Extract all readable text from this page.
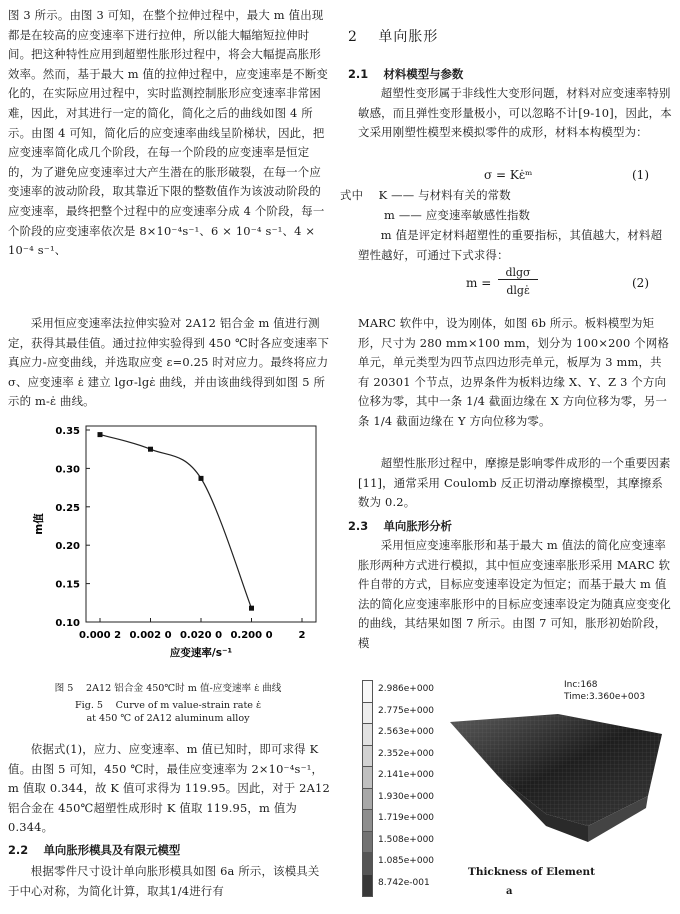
图 3 所示。由图 3 可知，在整个拉伸过程中，最大 m 值出现都是在较高的应变速率下进行拉伸，所以能大幅缩短拉伸时间。把这种特性应用到超塑性胀形过程中，将会大幅提高胀形效率。然而，基于最大 m 值的拉伸过程中，应变速率是不断变化的，在实际应用过程中，实时监测控制胀形应变速率非常困难，因此，对其进行一定的简化，简化之后的曲线如图 4 所示。由图 4 可知，简化后的应变速率曲线呈阶梯状，因此，把应变速率简化成几个阶段，在每一个阶段的应变速率是恒定的，为了避免应变速率过大产生潜在的胀形破裂，在每一个应变速率的波动阶段，取其靠近下限的整数值作为该波动阶段的应变速率，最终把整个过程中的应变速率分成 4 个阶段，每一个阶段的应变速率依次是 8×10⁻⁴s⁻¹、6 × 10⁻⁴ s⁻¹、4 × 10⁻⁴ s⁻¹、
采用恒应变速率法拉伸实验对 2A12 铝合金 m 值进行测定，获得其最佳值。通过拉伸实验得到 450 ℃时各应变速率下真应力-应变曲线，并选取应变 ε=0.25 时对应力。最终将应力 σ、应变速率 ε̇ 建立 lgσ-lgε̇ 曲线，并由该曲线得到如图 5 所示的 m-ε̇ 曲线。
0.35
0.30
0.25
0.20
0.15
0.10
0.000 2 0.002 0 0.020 0 0.200 0	2
应变速率/s⁻¹
m值
图 5 　2A12 铝合金 450℃时 m 值-应变速率 ε̇ 曲线
Fig. 5 　Curve of m value-strain rate ε̇
at 450 ℃ of 2A12 aluminum alloy
依据式(1)，应力、应变速率、m 值已知时，即可求得 K 值。由图 5 可知，450 ℃时，最佳应变速率为 2×10⁻⁴s⁻¹，m 值取 0.344，故 K 值可求得为 119.95。因此，对于 2A12 铝合金在 450℃超塑性成形时 K 值取 119.95，m 值为 0.344。
2.2 　单向胀形模具及有限元模型
根据零件尺寸设计单向胀形模具如图 6a 所示，该模具关于中心对称，为简化计算，取其1/4进行有
2 　单向胀形
2.1 　材料模型与参数
超塑性变形属于非线性大变形问题，材料对应变速率特别敏感，而且弹性变形量极小，可以忽略不计[9-10]，因此，本文采用刚塑性模型来模拟零件的成形，材料本构模型为：
σ = Kε̇ᵐ	(1)
式中 　K —— 与材料有关的常数
m —— 应变速率敏感性指数
m 值是评定材料超塑性的重要指标，其值越大，材料超塑性越好，可通过下式求得：
m =
dlgσ
dlgε̇
(2)
MARC 软件中，设为刚体，如图 6b 所示。板料模型为矩形，尺寸为 280 mm×100 mm，划分为 100×200 个网格单元，单元类型为四节点四边形壳单元，板厚为 3 mm，共有 20301 个节点，边界条件为板料边缘 X、Y、Z 3 个方向位移为零，其中一条 1/4 截面边缘在 X 方向位移为零，另一条 1/4 截面边缘在 Y 方向位移为零。
超塑性胀形过程中，摩擦是影响零件成形的一个重要因素[11]，通常采用 Coulomb 反正切滑动摩擦模型，其摩擦系数为 0.2。
2.3 　单向胀形分析
采用恒应变速率胀形和基于最大 m 值法的简化应变速率胀形两种方式进行模拟，其中恒应变速率胀形采用 MARC 软件自带的方式，目标应变速率设定为恒定；而基于最大 m 值法的简化应变速率胀形中的目标应变速率设定为随真应变变化的曲线，其结果如图 7 所示。由图 7 可知，胀形初始阶段，模
2.986e+000
2.775e+000
2.563e+000
2.352e+000
2.141e+000
1.930e+000
1.719e+000
1.508e+000
1.085e+000
8.742e-001
Inc:168
Time:3.360e+003
Thickness of Element
a
